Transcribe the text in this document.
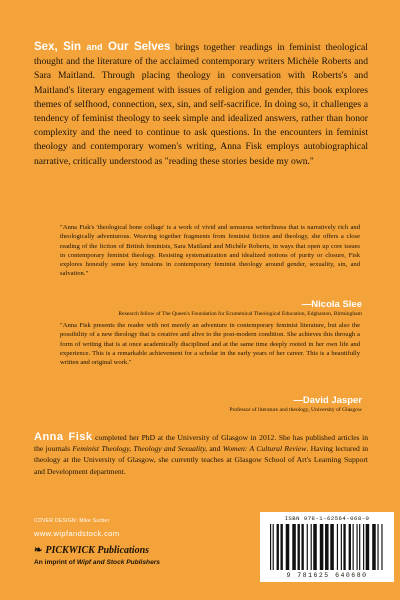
Sex, Sin and Our Selves brings together readings in feminist theological thought and the literature of the acclaimed contemporary writers Michèle Roberts and Sara Maitland. Through placing theology in conversation with Roberts's and Maitland's literary engagement with issues of religion and gender, this book explores themes of selfhood, connection, sex, sin, and self-sacrifice. In doing so, it challenges a tendency of feminist theology to seek simple and idealized answers, rather than honor complexity and the need to continue to ask questions. In the encounters in feminist theology and contemporary women's writing, Anna Fisk employs autobiographical narrative, critically understood as "reading these stories beside my own."
"Anna Fisk's 'theological bone collage' is a work of vivid and sensuous writerliness that is narratively rich and theologically adventurous. Weaving together fragments from feminist fiction and theology, she offers a close reading of the fiction of British feminists, Sara Maitland and Michèle Roberts, in ways that open up core issues in contemporary feminist theology. Resisting systematization and idealized notions of purity or closure, Fisk explores honestly some key tensions in contemporary feminist theology around gender, sexuality, sin, and salvation."
—Nicola Slee
Research fellow of The Queen's Foundation for Ecumenical Theological Education, Edgbaston, Birmingham
"Anna Fisk presents the reader with not merely an adventure in contemporary feminist literature, but also the possibility of a new theology that is creative and alive to the post-modern condition. She achieves this through a form of writing that is at once academically disciplined and at the same time deeply rooted in her own life and experience. This is a remarkable achievement for a scholar in the early years of her career. This is a beautifully written and original work."
—David Jasper
Professor of literature and theology, University of Glasgow
Anna Fisk completed her PhD at the University of Glasgow in 2012. She has published articles in the journals Feminist Theology, Theology and Sexuality, and Women: A Cultural Review. Having lectured in theology at the University of Glasgow, she currently teaches at Glasgow School of Art's Learning Support and Development department.
COVER DESIGN: Mike Surber
www.wipfandstock.com
❧ PICKWICK Publications
An imprint of Wipf and Stock Publishers
ISBN 978-1-62564-068-0
9 781625 640680
